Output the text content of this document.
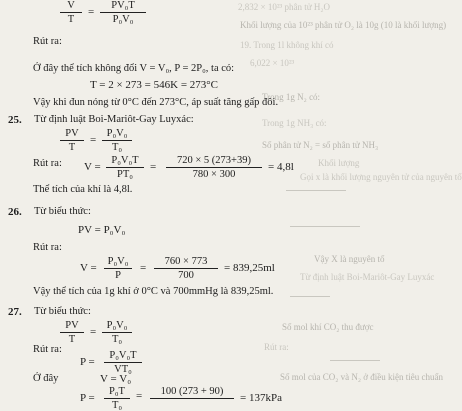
2,832 × 10²³ phân tử H₂O
Khối lượng của 10²³ phân tử O₂ là 10g (10 là khối lượng)
19. Trong 1l không khí có
6,022 × 10²³
Trong 1g N₂ có:
Trong 1g NH₃ có:
Số phân tử N₂ = số phân tử NH₃
Khối lượng
Gọi x là khối lượng nguyên tử của nguyên tố
Vậy X là nguyên tố
Từ định luật Boi-Mariôt-Gay Luyxác
Số mol khí CO₂ thu được
Rút ra:
Số mol của CO₂ và N₂ ở điều kiện tiêu chuẩn
$\frac{V}{T} = \frac{\text{PV₀T}}{\text{P₀V₀}}$
Rút ra:
Ở đây thể tích không đổi V = V₀, P = 2P₀, ta có:
T = 2 × 273 = 546K = 273°C
Vậy khi đun nóng từ 0°C đến 273°C, áp suất tăng gấp đôi.
25. Từ định luật Boi-Mariôt-Gay Luyxác:
$\frac{PV}{T} = \frac{\text{P₀V₀}}{\text{T₀}}$
Rút ra: $V = \frac{\text{P₀V₀T}}{\text{PT₀}} = \frac{720 \times 5 (273+39)}{780 \times 300} = 4,8l$
Thể tích của khí là 4,8l.
26. Từ biểu thức:
PV = P₀V₀
Rút ra:
$V = \frac{\text{P₀V₀}}{P} = \frac{760 \times 773}{700} = 839,25ml$
Vậy thể tích của 1g khí ở 0°C và 700mmHg là 839,25ml.
27. Từ biểu thức:
$\frac{PV}{T} = \frac{\text{P₀V₀}}{\text{T₀}}$
Rút ra:
$P = \frac{\text{P₀V₀T}}{\text{VT₀}}$
Ở đây	V = V₀
$P = \frac{\text{P₀T}}{\text{T₀}}$ =	100 (273 + 90)
= 137kPa
